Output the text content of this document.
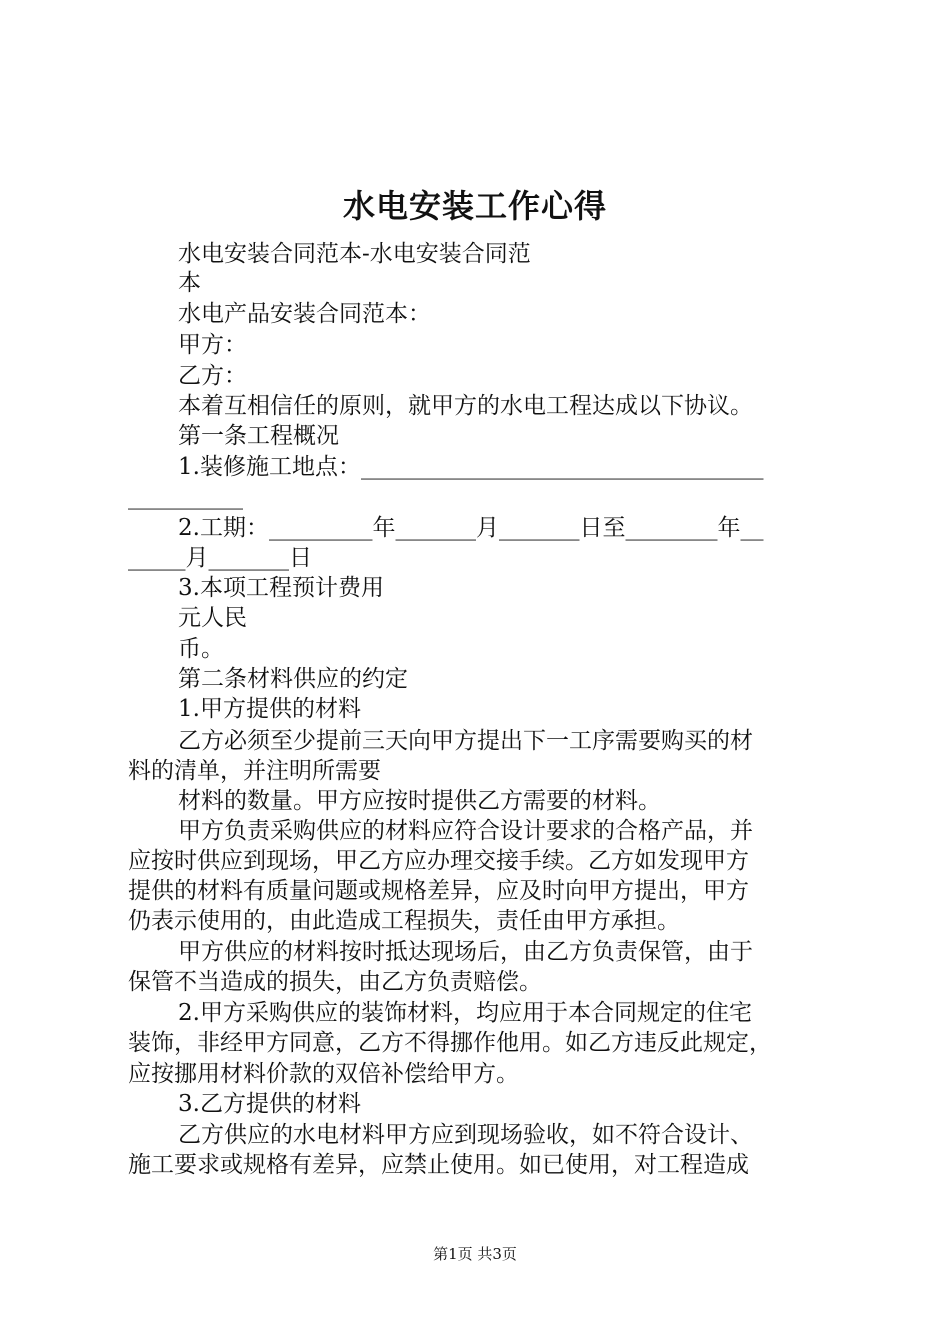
水电安装工作心得

水电安装合同范本-水电安装合同范

本

水电产品安装合同范本：

甲方：

乙方：

本着互相信任的原则，就甲方的水电工程达成以下协议。

第一条工程概况

1.装修施工地点：___________________________________

__________

2.工期：_________年_______月_______日至________年__

_____月_______日

3.本项工程预计费用

元人民

币。

第二条材料供应的约定

1.甲方提供的材料

乙方必须至少提前三天向甲方提出下一工序需要购买的材

料的清单，并注明所需要

材料的数量。甲方应按时提供乙方需要的材料。

甲方负责采购供应的材料应符合设计要求的合格产品，并

应按时供应到现场，甲乙方应办理交接手续。乙方如发现甲方

提供的材料有质量问题或规格差异，应及时向甲方提出，甲方

仍表示使用的，由此造成工程损失，责任由甲方承担。

甲方供应的材料按时抵达现场后，由乙方负责保管，由于

保管不当造成的损失，由乙方负责赔偿。

2.甲方采购供应的装饰材料，均应用于本合同规定的住宅

装饰，非经甲方同意，乙方不得挪作他用。如乙方违反此规定，

应按挪用材料价款的双倍补偿给甲方。

3.乙方提供的材料

乙方供应的水电材料甲方应到现场验收，如不符合设计、

施工要求或规格有差异，应禁止使用。如已使用，对工程造成

第1页 共3页
